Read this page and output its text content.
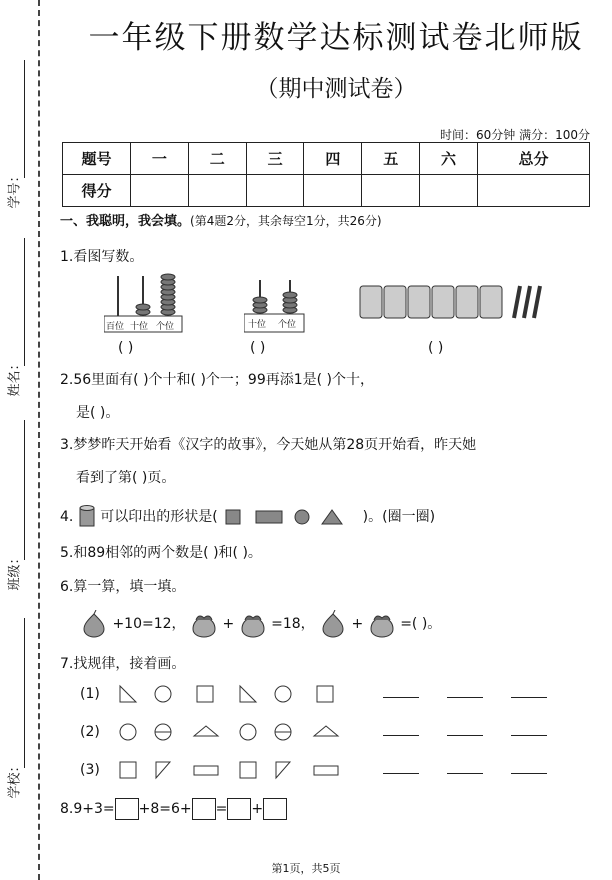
学号：
姓名：
班级：
学校：
一年级下册数学达标测试卷北师版
（期中测试卷）
时间：60分钟 满分：100分
题号	一	二	三	四	五	六	总分
得分							
一、我聪明，我会填。(第4题2分，其余每空1分，共26分)
1.看图写数。
百位 十位 个位	十位 个位
( )	( )	( )
2.56里面有( )个十和( )个一；99再添1是( )个十，
是( )。
3.梦梦昨天开始看《汉字的故事》，今天她从第28页开始看，昨天她
看到了第( )页。
4. 可以印出的形状是(	)。(圈一圈)
5.和89相邻的两个数是( )和( )。
6.算一算，填一填。
+10=12，	+	=18，	+	=( )。
7.找规律，接着画。
(1)
(2)
(3)
8.9+3= +8=6+ = +
第1页，共5页
